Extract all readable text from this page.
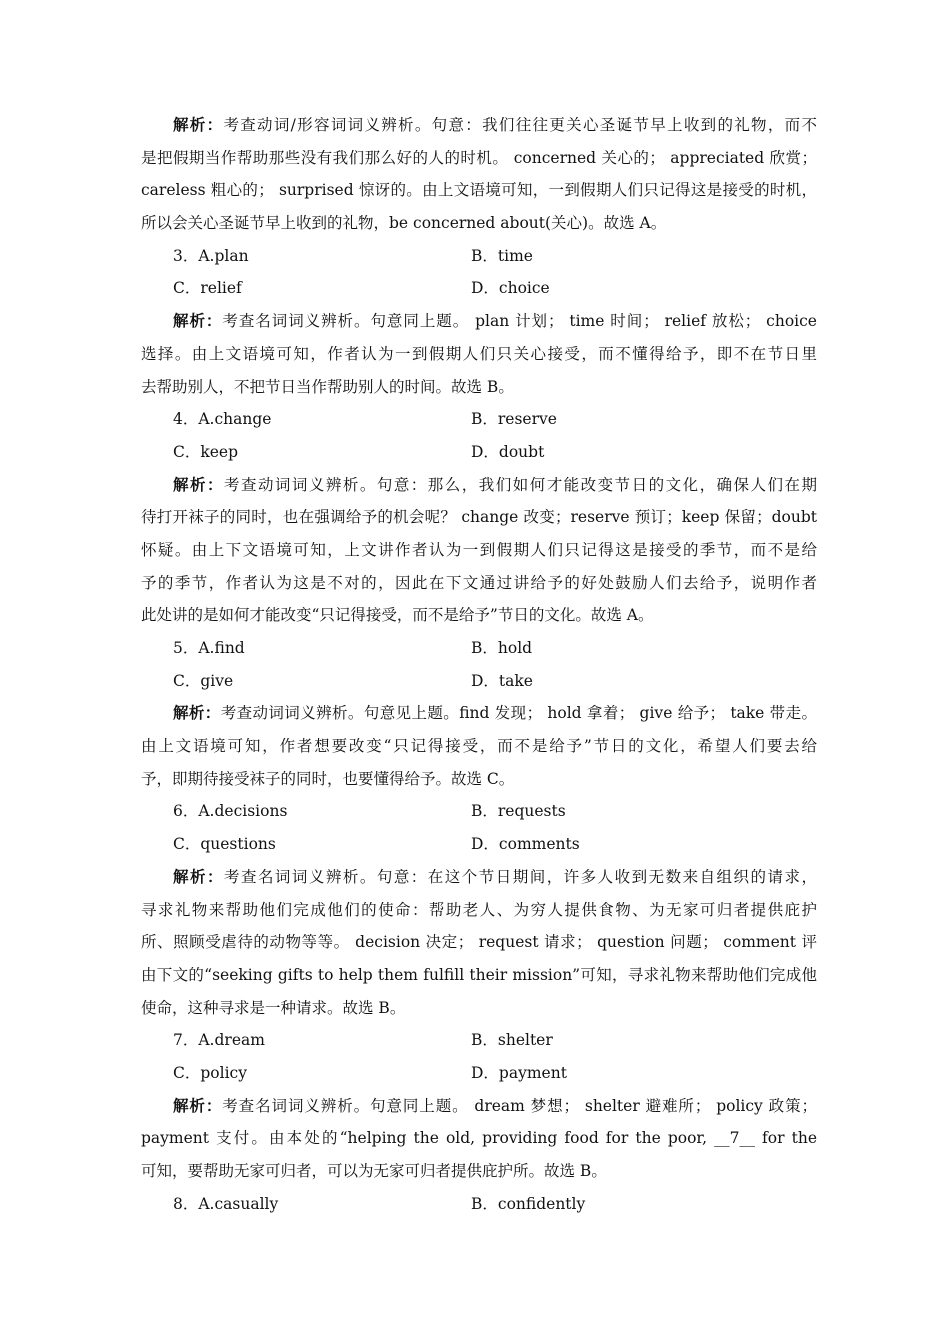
解析：考查动词/形容词词义辨析。句意：我们往往更关心圣诞节早上收到的礼物，而不
是把假期当作帮助那些没有我们那么好的人的时机。 concerned 关心的； appreciated 欣赏；
careless 粗心的； surprised 惊讶的。由上文语境可知，一到假期人们只记得这是接受的时机，
所以会关心圣诞节早上收到的礼物，be concerned about(关心)。故选 A。
3．A.plan	B．time
C．relief	D．choice
解析：考查名词词义辨析。句意同上题。 plan 计划； time 时间； relief 放松； choice
选择。由上文语境可知，作者认为一到假期人们只关心接受，而不懂得给予，即不在节日里
去帮助别人，不把节日当作帮助别人的时间。故选 B。
4．A.change	B．reserve
C．keep	D．doubt
解析：考查动词词义辨析。句意：那么，我们如何才能改变节日的文化，确保人们在期
待打开袜子的同时，也在强调给予的机会呢？ change 改变；reserve 预订；keep 保留；doubt
怀疑。由上下文语境可知，上文讲作者认为一到假期人们只记得这是接受的季节，而不是给
予的季节，作者认为这是不对的，因此在下文通过讲给予的好处鼓励人们去给予，说明作者
此处讲的是如何才能改变“只记得接受，而不是给予”节日的文化。故选 A。
5．A.find	B．hold
C．give	D．take
解析：考查动词词义辨析。句意见上题。find 发现； hold 拿着； give 给予； take 带走。
由上文语境可知，作者想要改变“只记得接受，而不是给予”节日的文化，希望人们要去给
予，即期待接受袜子的同时，也要懂得给予。故选 C。
6．A.decisions	B．requests
C．questions	D．comments
解析：考查名词词义辨析。句意：在这个节日期间，许多人收到无数来自组织的请求，
寻求礼物来帮助他们完成他们的使命：帮助老人、为穷人提供食物、为无家可归者提供庇护
所、照顾受虐待的动物等等。 decision 决定； request 请求； question 问题； comment 评
由下文的“seeking gifts to help them fulfill their mission”可知，寻求礼物来帮助他们完成他
使命，这种寻求是一种请求。故选 B。
7．A.dream	B．shelter
C．policy	D．payment
解析：考查名词词义辨析。句意同上题。 dream 梦想； shelter 避难所； policy 政策；
payment 支付。由本处的“helping the old, providing food for the poor, __7__ for the
可知，要帮助无家可归者，可以为无家可归者提供庇护所。故选 B。
8．A.casually	B．confidently
